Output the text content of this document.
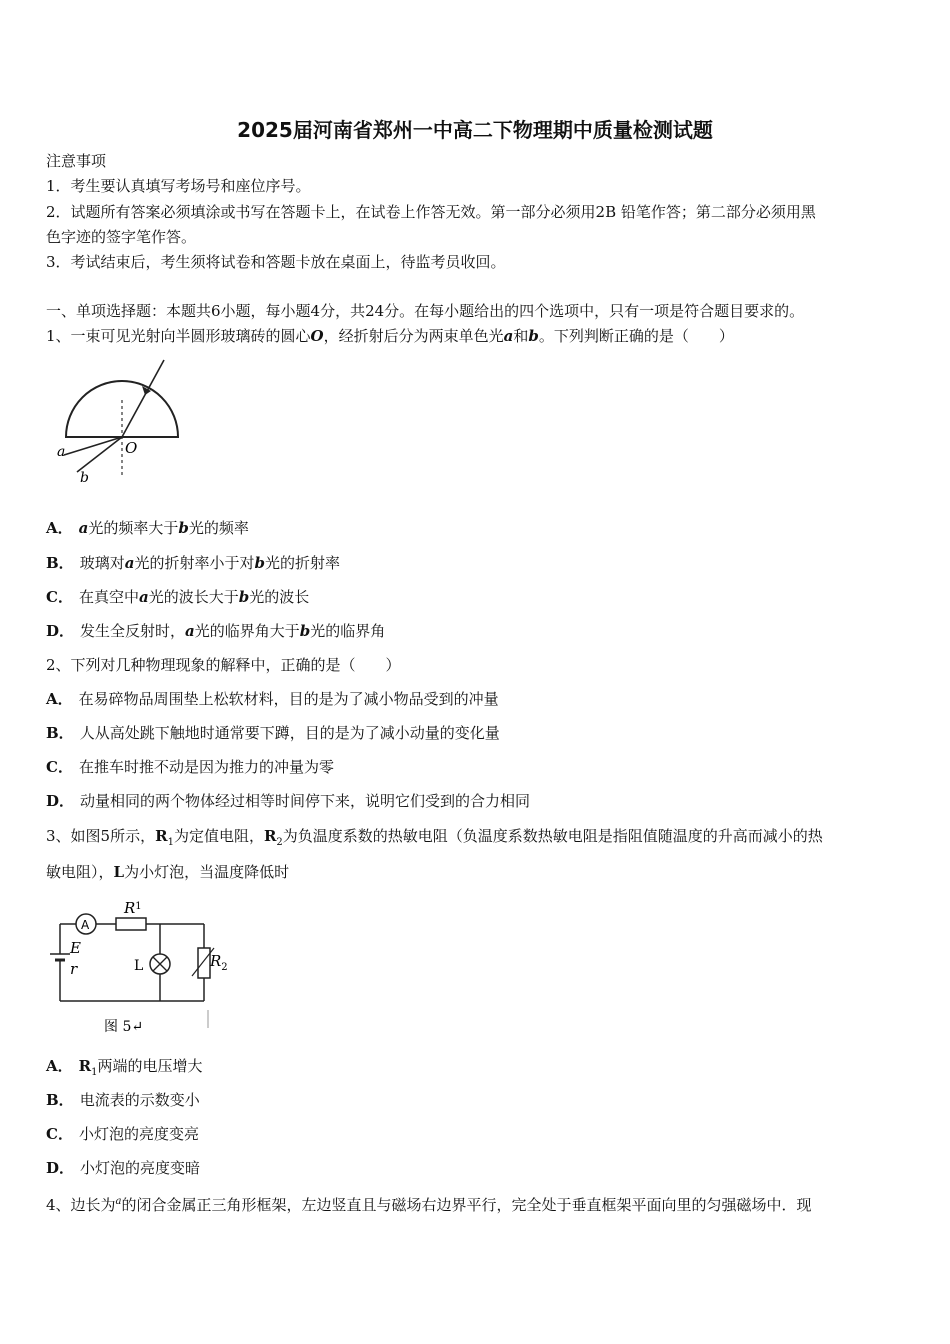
2025届河南省郑州一中高二下物理期中质量检测试题
注意事项
1．考生要认真填写考场号和座位序号。
2．试题所有答案必须填涂或书写在答题卡上，在试卷上作答无效。第一部分必须用2B 铅笔作答；第二部分必须用黑
色字迹的签字笔作答。
3．考试结束后，考生须将试卷和答题卡放在桌面上，待监考员收回。
一、单项选择题：本题共6小题，每小题4分，共24分。在每小题给出的四个选项中，只有一项是符合题目要求的。
1、一束可见光射向半圆形玻璃砖的圆心O，经折射后分为两束单色光a和b。下列判断正确的是（　　）
a
b
O
A． a光的频率大于b光的频率
B． 玻璃对a光的折射率小于对b光的折射率
C． 在真空中a光的波长大于b光的波长
D． 发生全反射时，a光的临界角大于b光的临界角
2、下列对几种物理现象的解释中，正确的是（　　）
A． 在易碎物品周围垫上松软材料，目的是为了减小物品受到的冲量
B． 人从高处跳下触地时通常要下蹲，目的是为了减小动量的变化量
C． 在推车时推不动是因为推力的冲量为零
D． 动量相同的两个物体经过相等时间停下来，说明它们受到的合力相同
3、如图5所示，$R_1$为定值电阻，$R_2$为负温度系数的热敏电阻（负温度系数热敏电阻是指阻值随温度的升高而减小的热
敏电阻），L为小灯泡，当温度降低时
A
$R^1$
E
r	L	$R_2$
图 5↵
A． $R_1$两端的电压增大
B． 电流表的示数变小
C． 小灯泡的亮度变亮
D． 小灯泡的亮度变暗
4、边长为$^a$的闭合金属正三角形框架，左边竖直且与磁场右边界平行，完全处于垂直框架平面向里的匀强磁场中．现
